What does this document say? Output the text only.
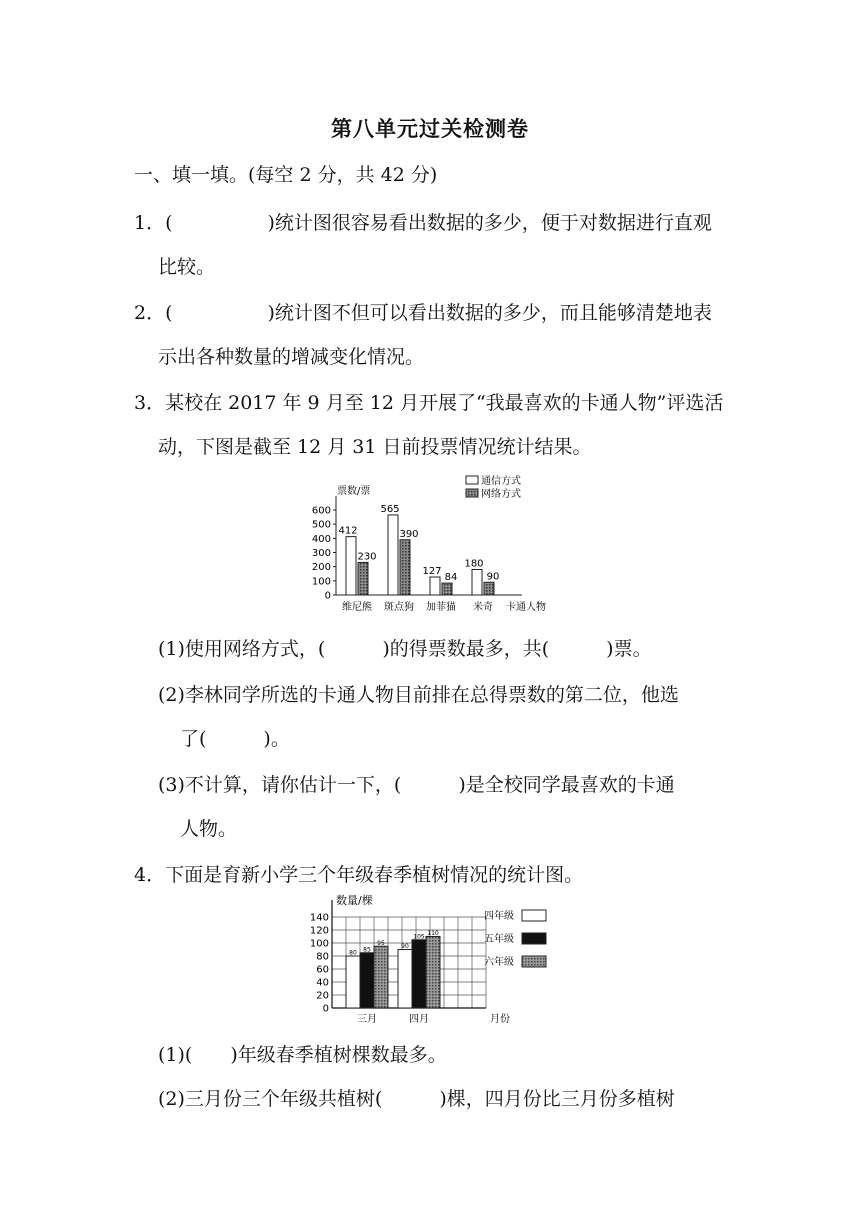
第八单元过关检测卷
一、填一填。(每空 2 分，共 42 分)
1．(　　　　　)统计图很容易看出数据的多少，便于对数据进行直观
比较。
2．(　　　　　)统计图不但可以看出数据的多少，而且能够清楚地表
示出各种数量的增减变化情况。
3．某校在 2017 年 9 月至 12 月开展了“我最喜欢的卡通人物”评选活
动，下图是截至 12 月 31 日前投票情况统计结果。
票数/票
0
100
200
300
400
500
600
412
230
维尼熊
565
390
斑点狗
127
84
加菲猫
180
90
米奇 卡通人物
通信方式
网络方式
(1)使用网络方式，(　　　)的得票数最多，共(　　　)票。
(2)李林同学所选的卡通人物目前排在总得票数的第二位，他选
了(　　　)。
(3)不计算，请你估计一下，(　　　)是全校同学最喜欢的卡通
人物。
4．下面是育新小学三个年级春季植树情况的统计图。
0
20
40
60
80
100
120
140
数量/棵
80 85
95
三月
90
105 110
四月	月份
四年级
五年级
六年级
(1)(　　)年级春季植树棵数最多。
(2)三月份三个年级共植树(　　　)棵，四月份比三月份多植树
